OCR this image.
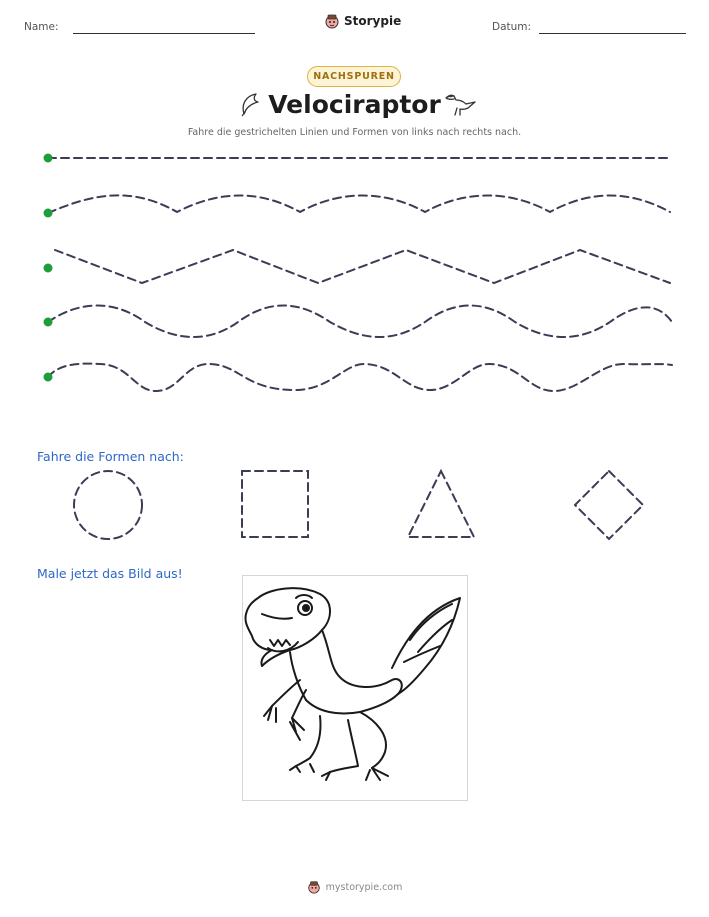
Name:	Storypie	Datum:
NACHSPUREN
Velociraptor
Fahre die gestrichelten Linien und Formen von links nach rechts nach.
Fahre die Formen nach:
Male jetzt das Bild aus!
mystorypie.com
